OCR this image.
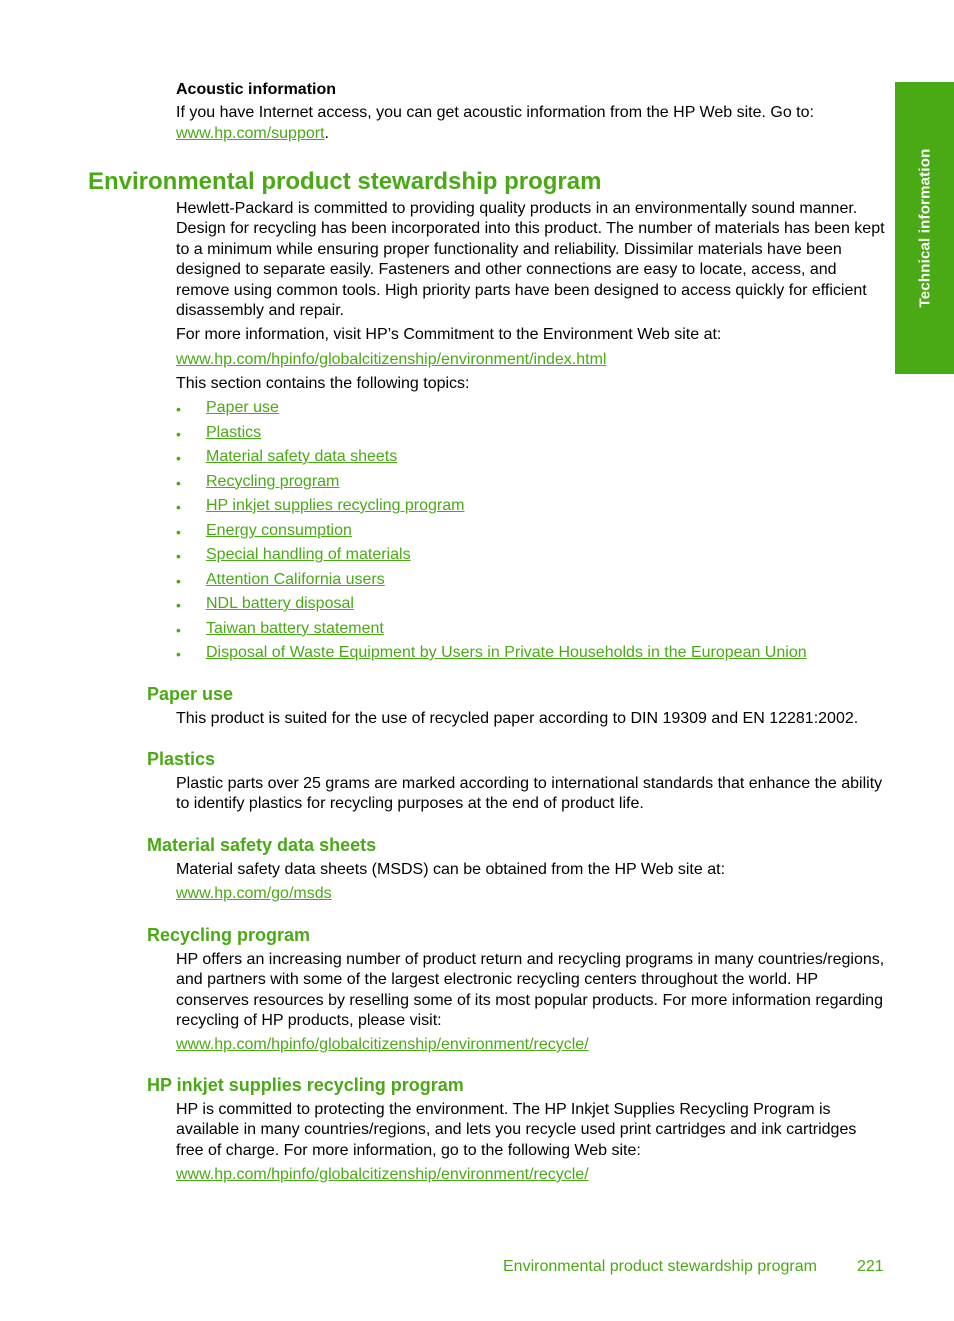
Technical information
Acoustic information
If you have Internet access, you can get acoustic information from the HP Web site. Go to:
www.hp.com/support.
Environmental product stewardship program
Hewlett-Packard is committed to providing quality products in an environmentally sound manner.
Design for recycling has been incorporated into this product. The number of materials has been kept
to a minimum while ensuring proper functionality and reliability. Dissimilar materials have been
designed to separate easily. Fasteners and other connections are easy to locate, access, and
remove using common tools. High priority parts have been designed to access quickly for efficient
disassembly and repair.
For more information, visit HP’s Commitment to the Environment Web site at:
www.hp.com/hpinfo/globalcitizenship/environment/index.html
This section contains the following topics:
• Paper use
• Plastics
• Material safety data sheets
• Recycling program
• HP inkjet supplies recycling program
• Energy consumption
• Special handling of materials
• Attention California users
• NDL battery disposal
• Taiwan battery statement
• Disposal of Waste Equipment by Users in Private Households in the European Union
Paper use
This product is suited for the use of recycled paper according to DIN 19309 and EN 12281:2002.
Plastics
Plastic parts over 25 grams are marked according to international standards that enhance the ability
to identify plastics for recycling purposes at the end of product life.
Material safety data sheets
Material safety data sheets (MSDS) can be obtained from the HP Web site at:
www.hp.com/go/msds
Recycling program
HP offers an increasing number of product return and recycling programs in many countries/regions,
and partners with some of the largest electronic recycling centers throughout the world. HP
conserves resources by reselling some of its most popular products. For more information regarding
recycling of HP products, please visit:
www.hp.com/hpinfo/globalcitizenship/environment/recycle/
HP inkjet supplies recycling program
HP is committed to protecting the environment. The HP Inkjet Supplies Recycling Program is
available in many countries/regions, and lets you recycle used print cartridges and ink cartridges
free of charge. For more information, go to the following Web site:
www.hp.com/hpinfo/globalcitizenship/environment/recycle/
Environmental product stewardship program	221
